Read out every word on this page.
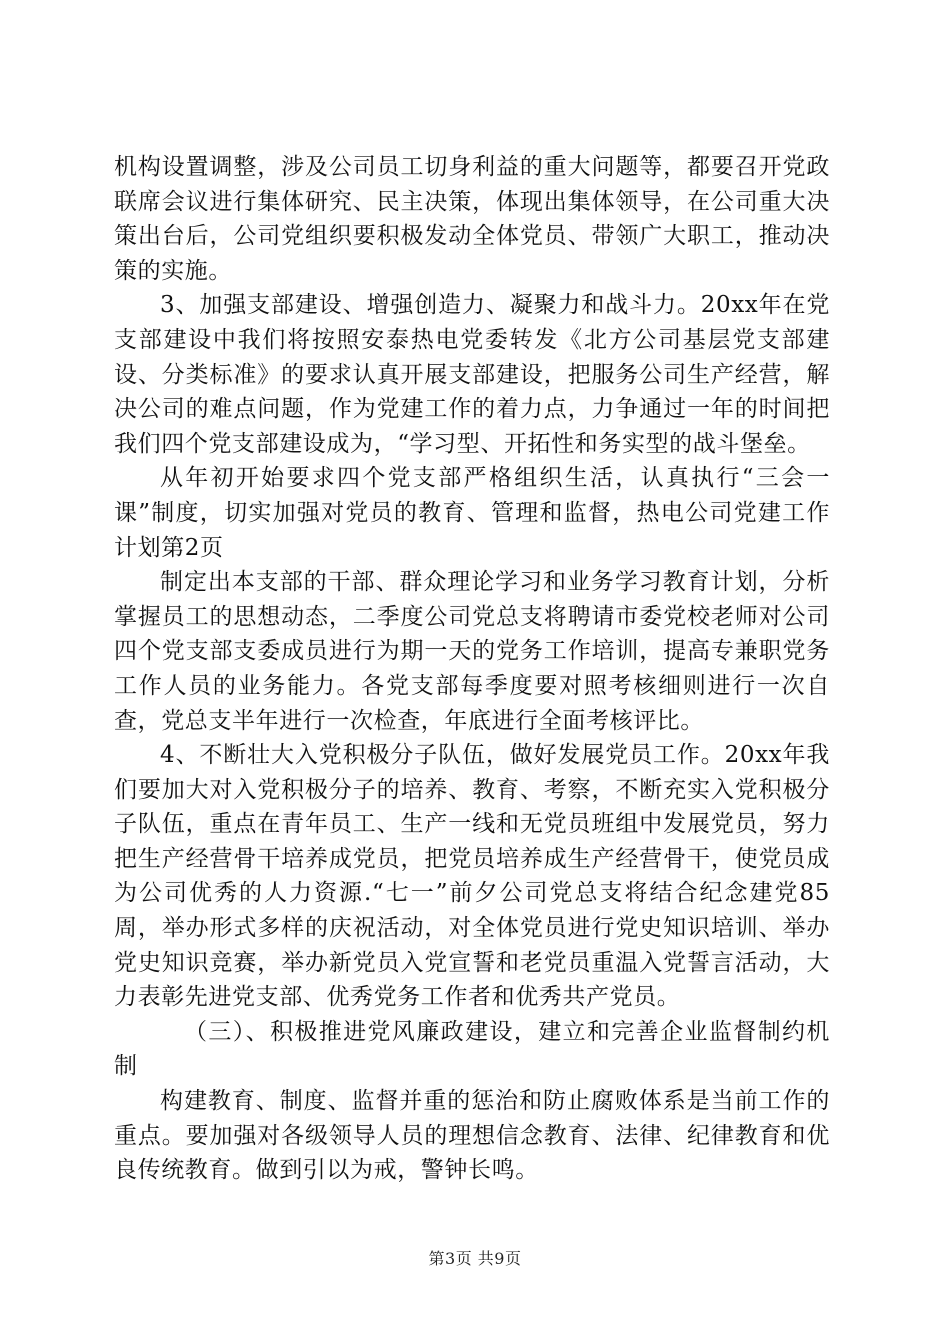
机构设置调整，涉及公司员工切身利益的重大问题等，都要召开党政联席会议进行集体研究、民主决策，体现出集体领导，在公司重大决策出台后，公司党组织要积极发动全体党员、带领广大职工，推动决策的实施。

3、加强支部建设、增强创造力、凝聚力和战斗力。20xx年在党支部建设中我们将按照安泰热电党委转发《北方公司基层党支部建设、分类标准》的要求认真开展支部建设，把服务公司生产经营，解决公司的难点问题，作为党建工作的着力点，力争通过一年的时间把我们四个党支部建设成为，“学习型、开拓性和务实型的战斗堡垒。

从年初开始要求四个党支部严格组织生活，认真执行“三会一课”制度，切实加强对党员的教育、管理和监督，热电公司党建工作计划第2页

制定出本支部的干部、群众理论学习和业务学习教育计划，分析掌握员工的思想动态，二季度公司党总支将聘请市委党校老师对公司四个党支部支委成员进行为期一天的党务工作培训，提高专兼职党务工作人员的业务能力。各党支部每季度要对照考核细则进行一次自查，党总支半年进行一次检查，年底进行全面考核评比。

4、不断壮大入党积极分子队伍，做好发展党员工作。20xx年我们要加大对入党积极分子的培养、教育、考察，不断充实入党积极分子队伍，重点在青年员工、生产一线和无党员班组中发展党员，努力把生产经营骨干培养成党员，把党员培养成生产经营骨干，使党员成为公司优秀的人力资源.“七一”前夕公司党总支将结合纪念建党85周，举办形式多样的庆祝活动，对全体党员进行党史知识培训、举办党史知识竞赛，举办新党员入党宣誓和老党员重温入党誓言活动，大力表彰先进党支部、优秀党务工作者和优秀共产党员。

（三）、积极推进党风廉政建设，建立和完善企业监督制约机制

构建教育、制度、监督并重的惩治和防止腐败体系是当前工作的重点。要加强对各级领导人员的理想信念教育、法律、纪律教育和优良传统教育。做到引以为戒，警钟长鸣。

第3页 共9页
